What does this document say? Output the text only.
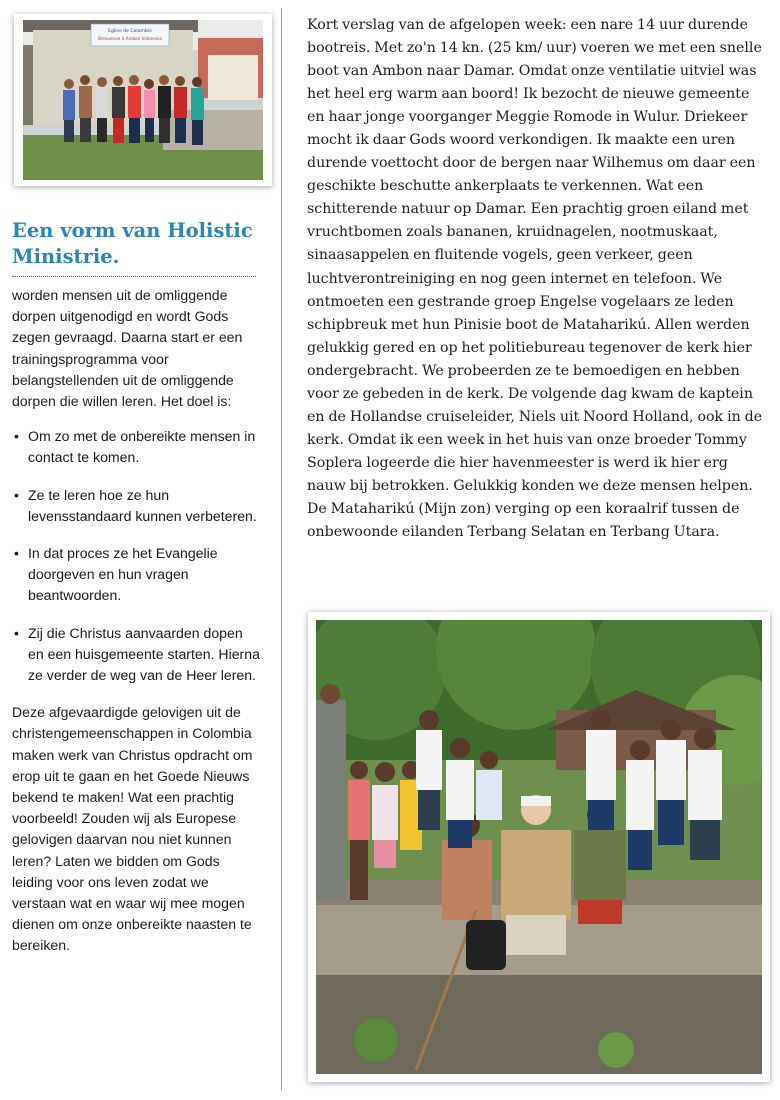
Eglise de Colombie
Bienvenue à Ambon Indonesia
Een vorm van Holistic Ministrie.

worden mensen uit de omliggende dorpen uitgenodigd en wordt Gods zegen gevraagd. Daarna start er een trainingsprogramma voor belangstellenden uit de omliggende dorpen die willen leren. Het doel is:

• Om zo met de onbereikte mensen in contact te komen.
• Ze te leren hoe ze hun levensstandaard kunnen verbeteren.
• In dat proces ze het Evangelie doorgeven en hun vragen beantwoorden.
• Zij die Christus aanvaarden dopen en een huisgemeente starten. Hierna ze verder de weg van de Heer leren.

Deze afgevaardigde gelovigen uit de christengemeenschappen in Colombia maken werk van Christus opdracht om erop uit te gaan en het Goede Nieuws bekend te maken! Wat een prachtig voorbeeld! Zouden wij als Europese gelovigen daarvan nou niet kunnen leren? Laten we bidden om Gods leiding voor ons leven zodat we verstaan wat en waar wij mee mogen dienen om onze onbereikte naasten te bereiken.

Kort verslag van de afgelopen week: een nare 14 uur durende bootreis. Met zo'n 14 kn. (25 km/ uur) voeren we met een snelle boot van Ambon naar Damar. Omdat onze ventilatie uitviel was het heel erg warm aan boord! Ik bezocht de nieuwe gemeente en haar jonge voorganger Meggie Romode in Wulur. Driekeer mocht ik daar Gods woord verkondigen. Ik maakte een uren durende voettocht door de bergen naar Wilhemus om daar een geschikte beschutte ankerplaats te verkennen. Wat een schitterende natuur op Damar. Een prachtig groen eiland met vruchtbomen zoals bananen, kruidnagelen, nootmuskaat, sinaasappelen en fluitende vogels, geen verkeer, geen luchtverontreiniging en nog geen internet en telefoon. We ontmoeten een gestrande groep Engelse vogelaars ze leden schipbreuk met hun Pinisie boot de Mataharikú. Allen werden gelukkig gered en op het politiebureau tegenover de kerk hier ondergebracht. We probeerden ze te bemoedigen en hebben voor ze gebeden in de kerk. De volgende dag kwam de kaptein en de Hollandse cruiseleider, Niels uit Noord Holland, ook in de kerk. Omdat ik een week in het huis van onze broeder Tommy Soplera logeerde die hier havenmeester is werd ik hier erg nauw bij betrokken. Gelukkig konden we deze mensen helpen. De Mataharikú (Mijn zon) verging op een koraalrif tussen de onbewoonde eilanden Terbang Selatan en Terbang Utara.
